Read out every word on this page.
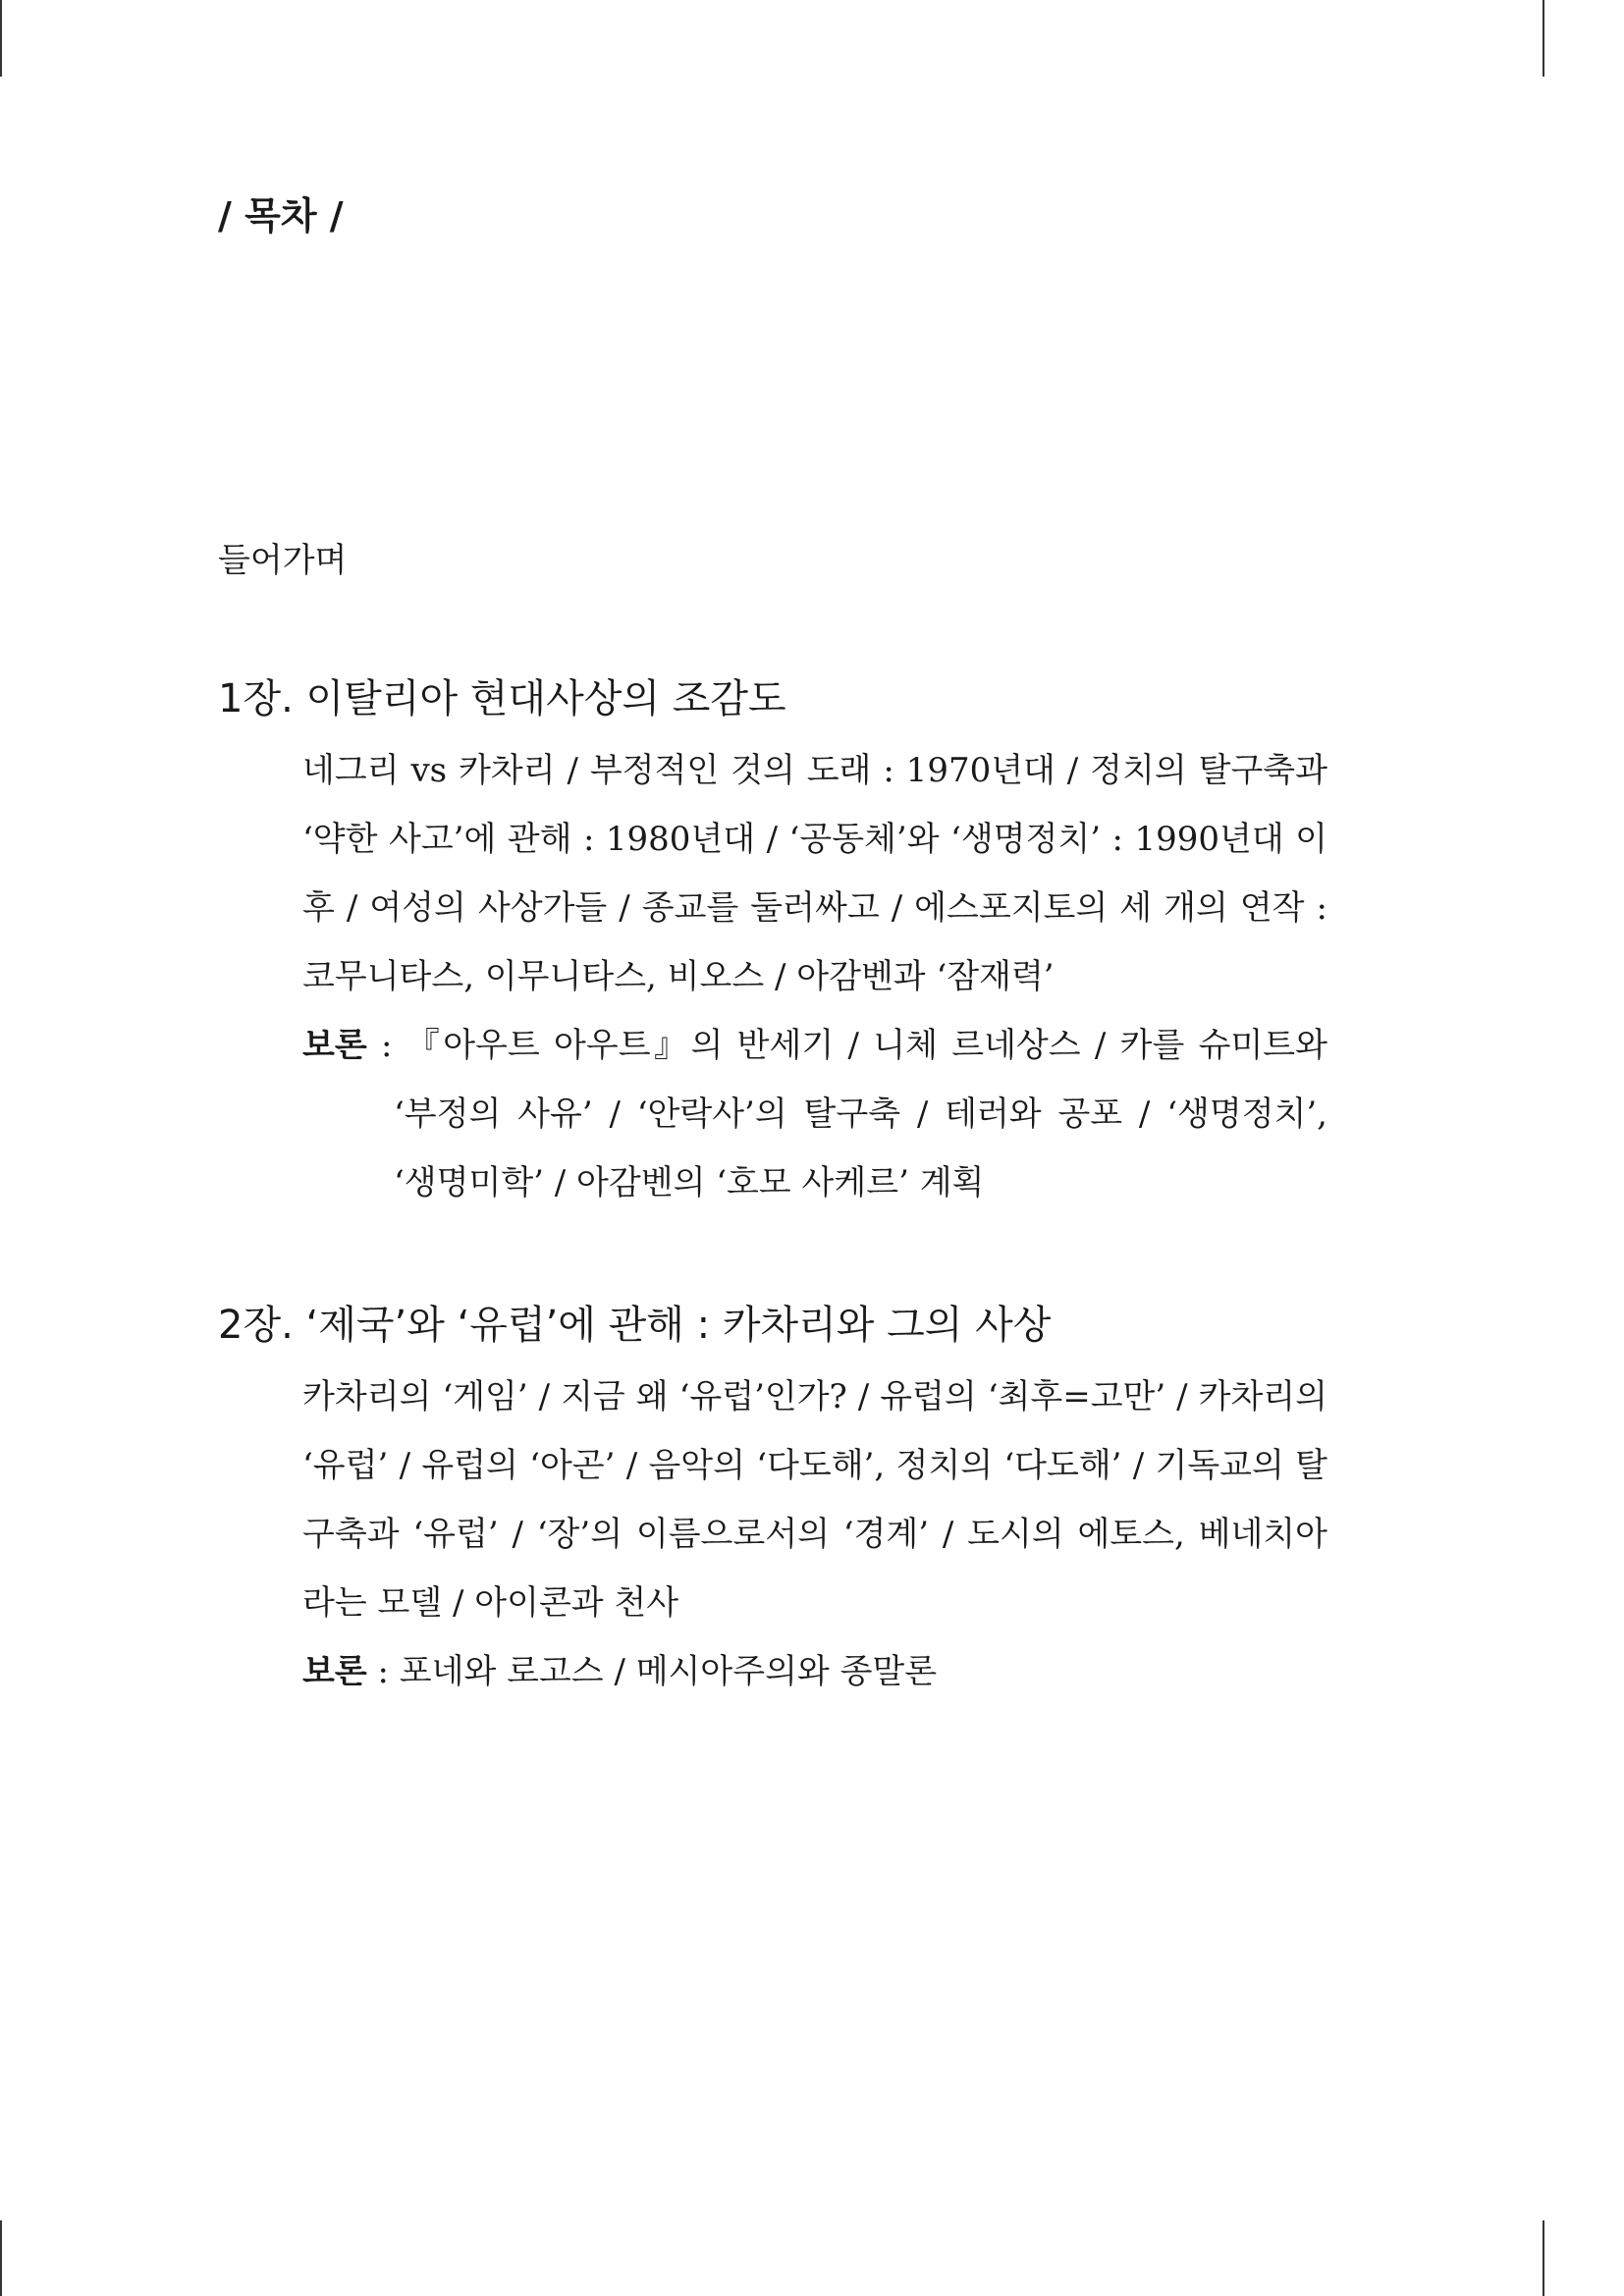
/ 목차 /

들어가며

1장. 이탈리아 현대사상의 조감도

네그리 vs 카차리 / 부정적인 것의 도래 : 1970년대 / 정치의 탈구축과 ‘약한 사고’에 관해 : 1980년대 / ‘공동체’와 ‘생명정치’ : 1990년대 이후 / 여성의 사상가들 / 종교를 둘러싸고 / 에스포지토의 세 개의 연작 : 코무니타스, 이무니타스, 비오스 / 아감벤과 ‘잠재력’

보론 : 『아우트 아우트』의 반세기 / 니체 르네상스 / 카를 슈미트와 ‘부정의 사유’ / ‘안락사’의 탈구축 / 테러와 공포 / ‘생명정치’, ‘생명미학’ / 아감벤의 ‘호모 사케르’ 계획

2장. ‘제국’와 ‘유럽’에 관해 : 카차리와 그의 사상

카차리의 ‘게임’ / 지금 왜 ‘유럽’인가? / 유럽의 ‘최후=고만’ / 카차리의 ‘유럽’ / 유럽의 ‘아곤’ / 음악의 ‘다도해’, 정치의 ‘다도해’ / 기독교의 탈구축과 ‘유럽’ / ‘장’의 이름으로서의 ‘경계’ / 도시의 에토스, 베네치아라는 모델 / 아이콘과 천사

보론 : 포네와 로고스 / 메시아주의와 종말론
